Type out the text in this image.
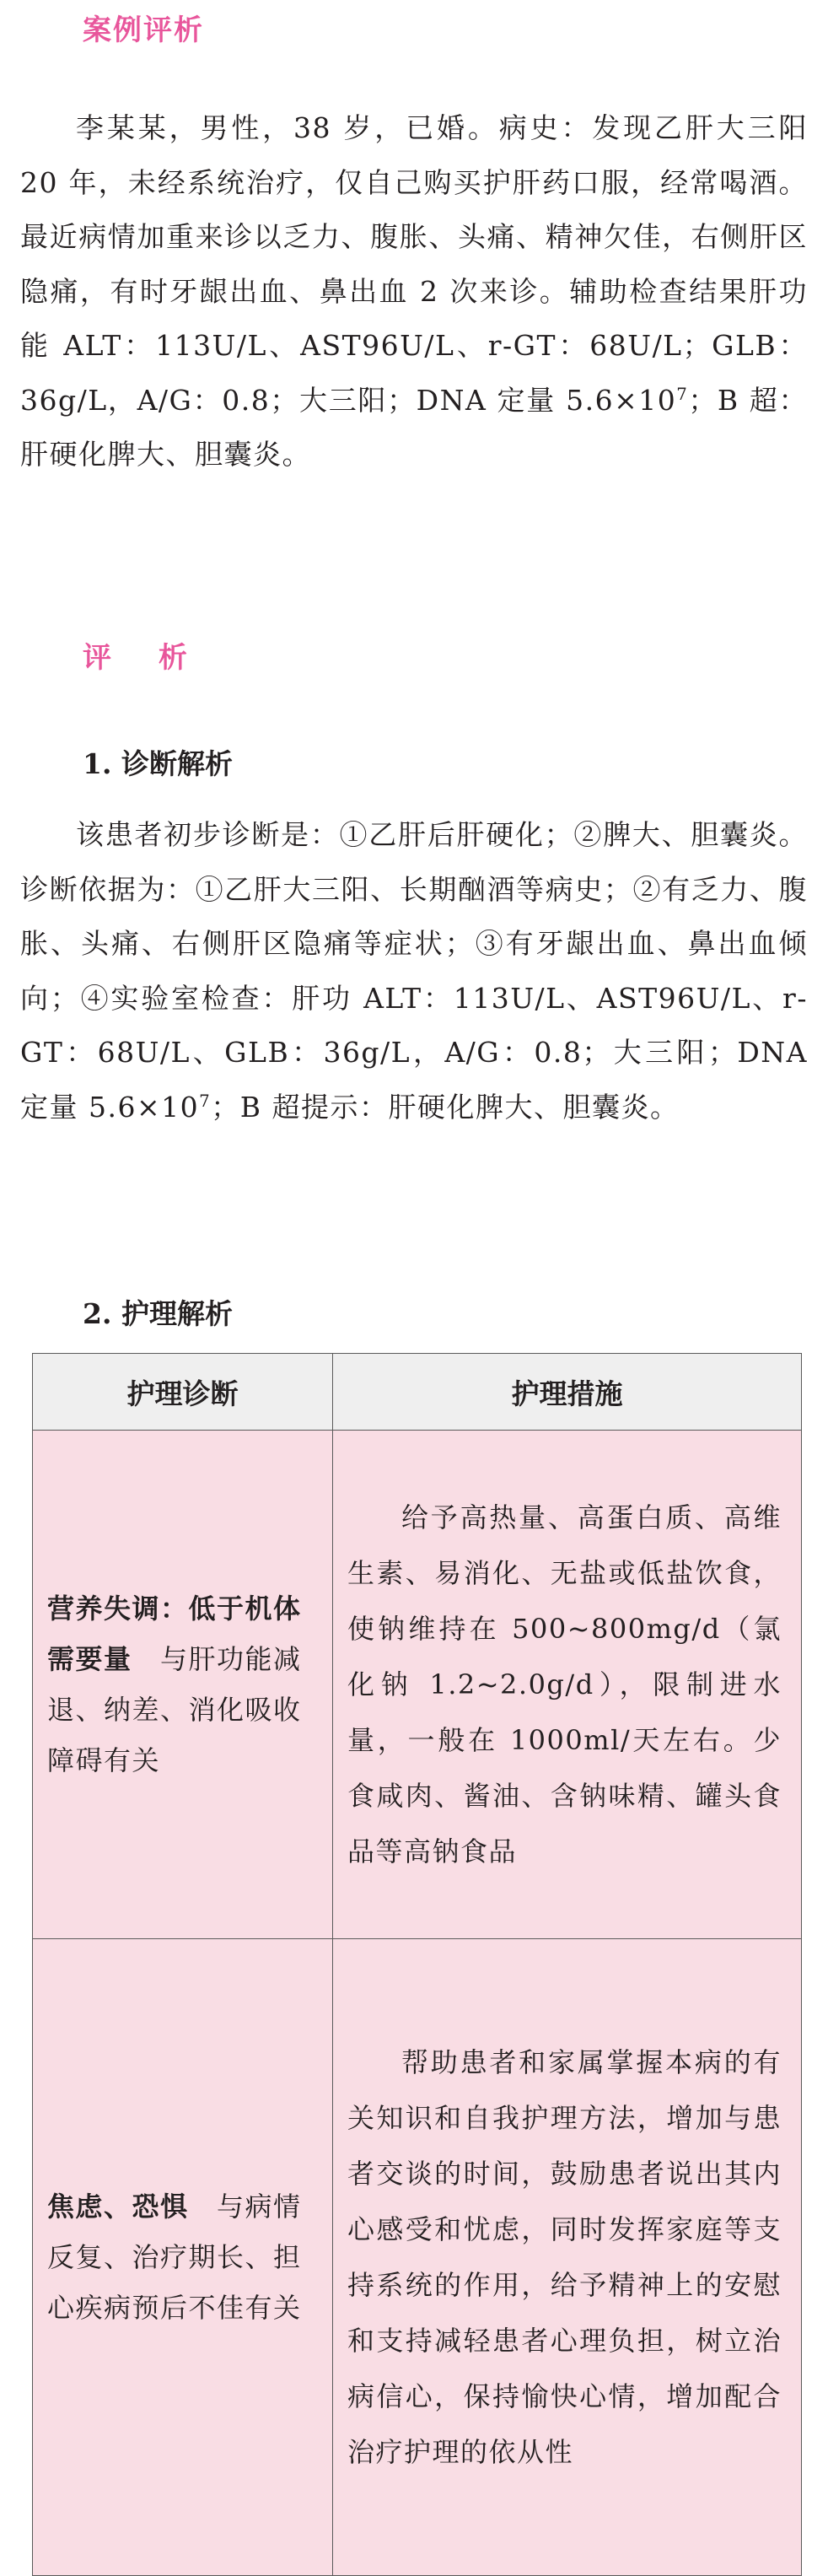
案例评析

李某某，男性，38 岁，已婚。病史：发现乙肝大三阳 20 年，未经系统治疗，仅自己购买护肝药口服，经常喝酒。最近病情加重来诊以乏力、腹胀、头痛、精神欠佳，右侧肝区隐痛，有时牙龈出血、鼻出血 2 次来诊。辅助检查结果肝功能 ALT：113U/L、AST96U/L、r-GT：68U/L；GLB：36g/L，A/G：0.8；大三阳；DNA 定量 $5.6\times 10^7$；B 超：肝硬化脾大、胆囊炎。

评 析
1. 诊断解析

该患者初步诊断是：①乙肝后肝硬化；②脾大、胆囊炎。诊断依据为：①乙肝大三阳、长期酗酒等病史；②有乏力、腹胀、头痛、右侧肝区隐痛等症状；③有牙龈出血、鼻出血倾向；④实验室检查：肝功 ALT：113U/L、AST96U/L、r-GT：68U/L、GLB：36g/L，A/G：0.8；大三阳；DNA 定量 $5.6\times 10^7$；B 超提示：肝硬化脾大、胆囊炎。

2. 护理解析
护理诊断	护理措施

营养失调：低于机体需要量　与肝功能减退、纳差、消化吸收障碍有关	给予高热量、高蛋白质、高维生素、易消化、无盐或低盐饮食，使钠维持在 500~800mg/d（氯化钠 1.2~2.0g/d），限制进水量，一般在 1000ml/天左右。少食咸肉、酱油、含钠味精、罐头食品等高钠食品

焦虑、恐惧　与病情反复、治疗期长、担心疾病预后不佳有关	帮助患者和家属掌握本病的有关知识和自我护理方法，增加与患者交谈的时间，鼓励患者说出其内心感受和忧虑，同时发挥家庭等支持系统的作用，给予精神上的安慰和支持减轻患者心理负担，树立治病信心，保持愉快心情，增加配合治疗护理的依从性
